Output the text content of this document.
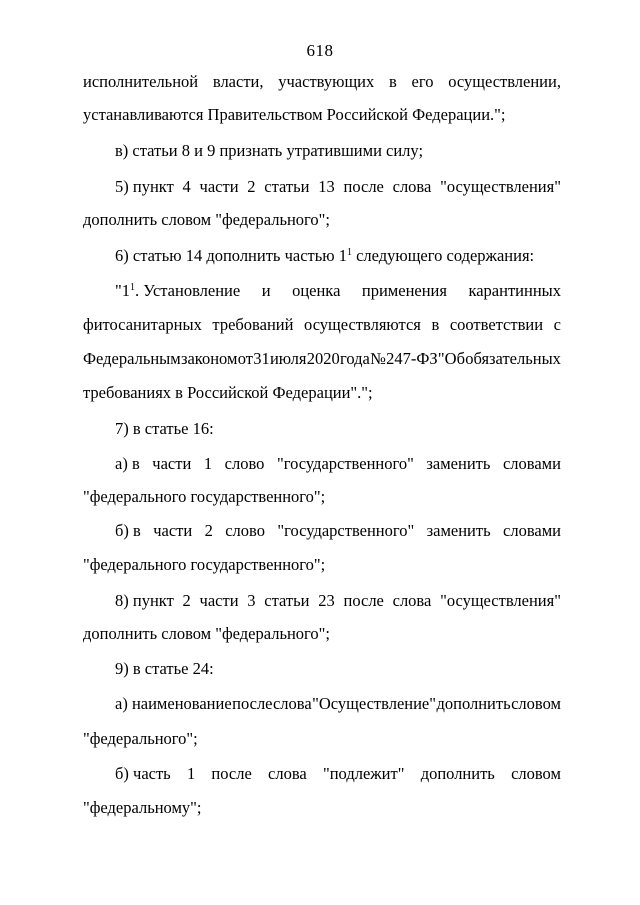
618
исполнительной власти, участвующих в его осуществлении,
устанавливаются Правительством Российской Федерации.";
в) статьи 8 и 9 признать утратившими силу;
5) пункт 4 части 2 статьи 13 после слова "осуществления"
дополнить словом "федерального";
6) статью 14 дополнить частью $1^1$ следующего содержания:
"$1^1$. Установление и оценка применения карантинных
фитосанитарных требований осуществляются в соответствии с
Федеральным законом от 31 июля 2020 года № 247-ФЗ "Об обязательных
требованиях в Российской Федерации".";
7) в статье 16:
а) в части 1 слово "государственного" заменить словами
"федерального государственного";
б) в части 2 слово "государственного" заменить словами
"федерального государственного";
8) пункт 2 части 3 статьи 23 после слова "осуществления"
дополнить словом "федерального";
9) в статье 24:
а) наименование после слова "Осуществление" дополнить словом
"федерального";
б) часть 1 после слова "подлежит" дополнить словом
"федеральному";
